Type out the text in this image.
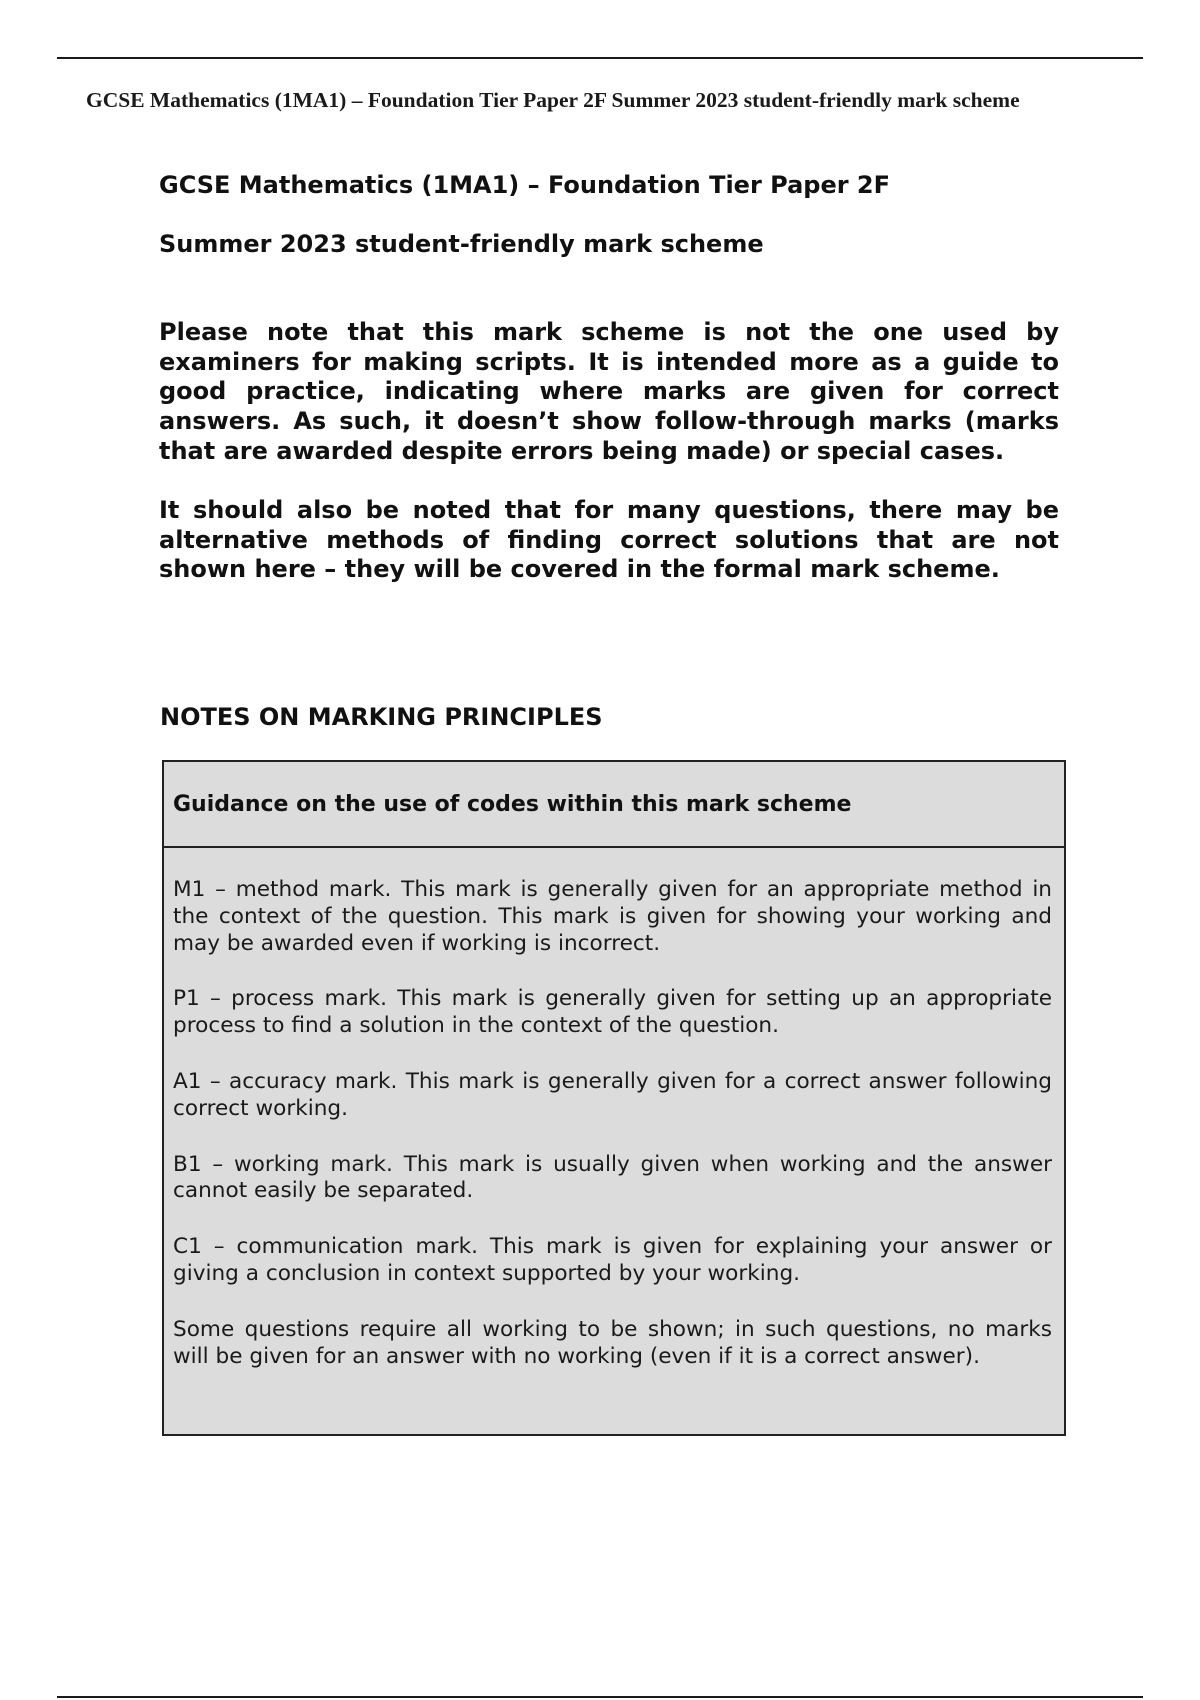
GCSE Mathematics (1MA1) – Foundation Tier Paper 2F Summer 2023 student-friendly mark scheme
GCSE Mathematics (1MA1) – Foundation Tier Paper 2F
Summer 2023 student-friendly mark scheme

Please note that this mark scheme is not the one used by examiners for making scripts. It is intended more as a guide to good practice, indicating where marks are given for correct answers. As such, it doesn’t show follow-through marks (marks that are awarded despite errors being made) or special cases.

It should also be noted that for many questions, there may be alternative methods of finding correct solutions that are not shown here – they will be covered in the formal mark scheme.

NOTES ON MARKING PRINCIPLES
Guidance on the use of codes within this mark scheme

M1 – method mark. This mark is generally given for an appropriate method in the context of the question. This mark is given for showing your working and may be awarded even if working is incorrect.

P1 – process mark. This mark is generally given for setting up an appropriate process to find a solution in the context of the question.

A1 – accuracy mark. This mark is generally given for a correct answer following correct working.

B1 – working mark. This mark is usually given when working and the answer cannot easily be separated.

C1 – communication mark. This mark is given for explaining your answer or giving a conclusion in context supported by your working.

Some questions require all working to be shown; in such questions, no marks will be given for an answer with no working (even if it is a correct answer).
